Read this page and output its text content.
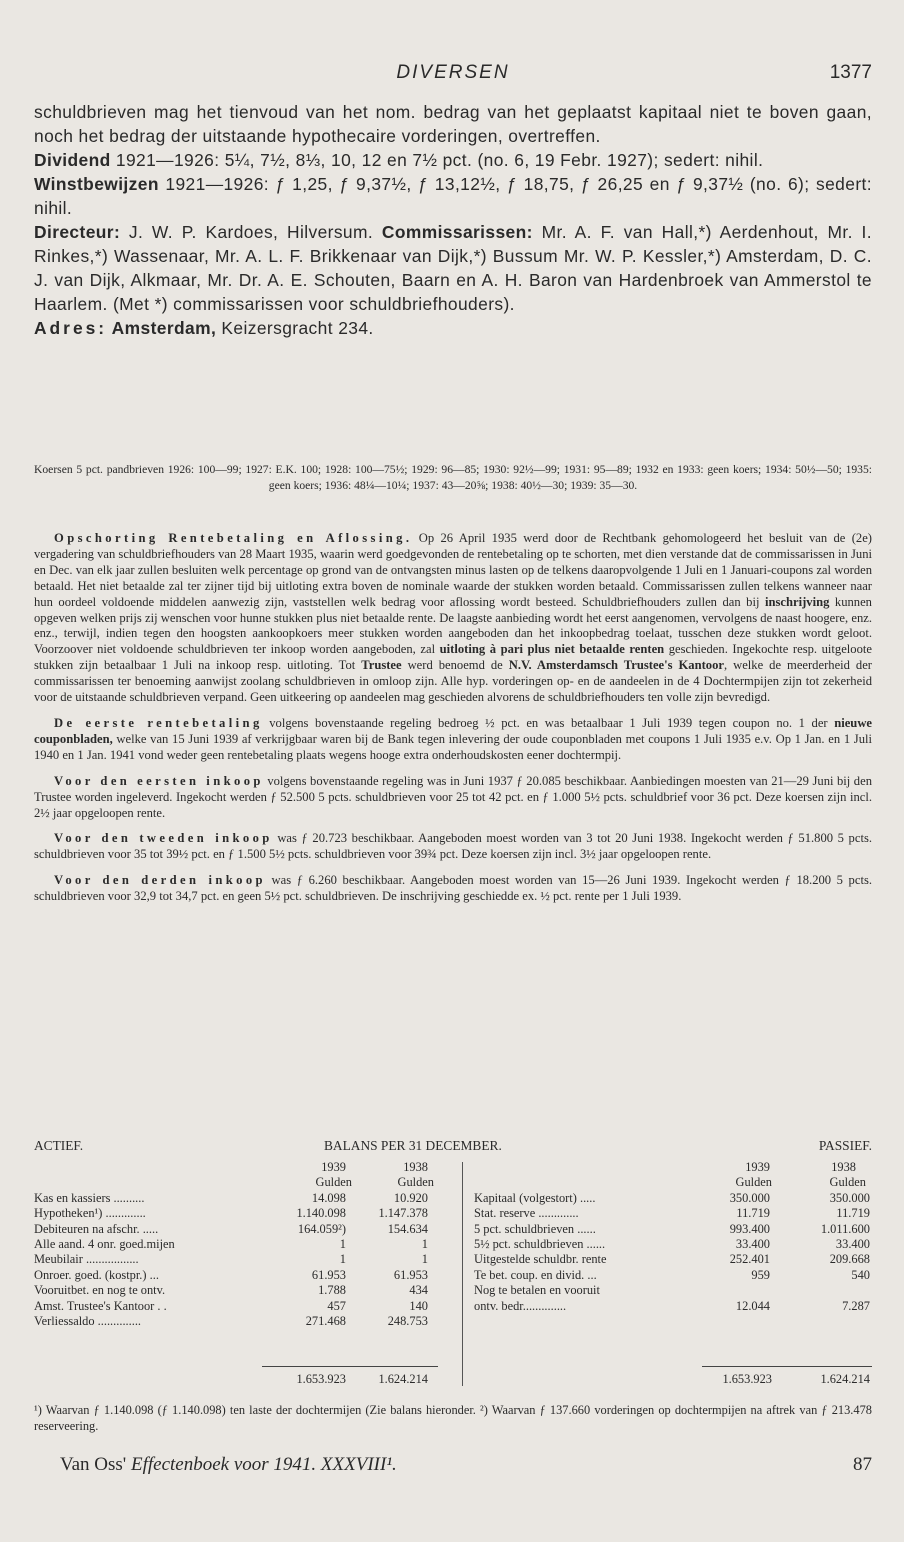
DIVERSEN	1377

schuldbrieven mag het tienvoud van het nom. bedrag van het geplaatst kapitaal niet te boven gaan, noch het bedrag der uitstaande hypothecaire vorderingen, overtreffen.

Dividend 1921—1926: 5¼, 7½, 8⅓, 10, 12 en 7½ pct. (no. 6, 19 Febr. 1927); sedert: nihil.

Winstbewijzen 1921—1926: ƒ 1,25, ƒ 9,37½, ƒ 13,12½, ƒ 18,75, ƒ 26,25 en ƒ 9,37½ (no. 6); sedert: nihil.

Directeur: J. W. P. Kardoes, Hilversum. Commissarissen: Mr. A. F. van Hall,*) Aerdenhout, Mr. I. Rinkes,*) Wassenaar, Mr. A. L. F. Brikkenaar van Dijk,*) Bussum Mr. W. P. Kessler,*) Amsterdam, D. C. J. van Dijk, Alkmaar, Mr. Dr. A. E. Schouten, Baarn en A. H. Baron van Hardenbroek van Ammerstol te Haarlem. (Met *) commissarissen voor schuldbriefhouders).

Adres: Amsterdam, Keizersgracht 234.

Koersen 5 pct. pandbrieven 1926: 100—99; 1927: E.K. 100; 1928: 100—75½; 1929: 96—85; 1930: 92½—99; 1931: 95—89; 1932 en 1933: geen koers; 1934: 50½—50; 1935: geen koers; 1936: 48¼—10¼; 1937: 43—20⅝; 1938: 40½—30; 1939: 35—30.

Opschorting Rentebetaling en Aflossing. Op 26 April 1935 werd door de Rechtbank gehomologeerd het besluit van de (2e) vergadering van schuldbriefhouders van 28 Maart 1935, waarin werd goedgevonden de rentebetaling op te schorten, met dien verstande dat de commissarissen in Juni en Dec. van elk jaar zullen besluiten welk percentage op grond van de ontvangsten minus lasten op de telkens daaropvolgende 1 Juli en 1 Januari-coupons zal worden betaald. Het niet betaalde zal ter zijner tijd bij uitloting extra boven de nominale waarde der stukken worden betaald. Commissarissen zullen telkens wanneer naar hun oordeel voldoende middelen aanwezig zijn, vaststellen welk bedrag voor aflossing wordt besteed. Schuldbriefhouders zullen dan bij inschrijving kunnen opgeven welken prijs zij wenschen voor hunne stukken plus niet betaalde rente. De laagste aanbieding wordt het eerst aangenomen, vervolgens de naast hoogere, enz. enz., terwijl, indien tegen den hoogsten aankoopkoers meer stukken worden aangeboden dan het inkoopbedrag toelaat, tusschen deze stukken wordt geloot. Voorzoover niet voldoende schuldbrieven ter inkoop worden aangeboden, zal uitloting à pari plus niet betaalde renten geschieden. Ingekochte resp. uitgeloote stukken zijn betaalbaar 1 Juli na inkoop resp. uitloting. Tot Trustee werd benoemd de N.V. Amsterdamsch Trustee's Kantoor, welke de meerderheid der commissarissen ter benoeming aanwijst zoolang schuldbrieven in omloop zijn. Alle hyp. vorderingen op- en de aandeelen in de 4 Dochtermpijen zijn tot zekerheid voor de uitstaande schuldbrieven verpand. Geen uitkeering op aandeelen mag geschieden alvorens de schuldbriefhouders ten volle zijn bevredigd.

De eerste rentebetaling volgens bovenstaande regeling bedroeg ½ pct. en was betaalbaar 1 Juli 1939 tegen coupon no. 1 der nieuwe couponbladen, welke van 15 Juni 1939 af verkrijgbaar waren bij de Bank tegen inlevering der oude couponbladen met coupons 1 Juli 1935 e.v. Op 1 Jan. en 1 Juli 1940 en 1 Jan. 1941 vond weder geen rentebetaling plaats wegens hooge extra onderhoudskosten eener dochtermpij.

Voor den eersten inkoop volgens bovenstaande regeling was in Juni 1937 ƒ 20.085 beschikbaar. Aanbiedingen moesten van 21—29 Juni bij den Trustee worden ingeleverd. Ingekocht werden ƒ 52.500 5 pcts. schuldbrieven voor 25 tot 42 pct. en ƒ 1.000 5½ pcts. schuldbrief voor 36 pct. Deze koersen zijn incl. 2½ jaar opgeloopen rente.

Voor den tweeden inkoop was ƒ 20.723 beschikbaar. Aangeboden moest worden van 3 tot 20 Juni 1938. Ingekocht werden ƒ 51.800 5 pcts. schuldbrieven voor 35 tot 39½ pct. en ƒ 1.500 5½ pcts. schuldbrieven voor 39¾ pct. Deze koersen zijn incl. 3½ jaar opgeloopen rente.

Voor den derden inkoop was ƒ 6.260 beschikbaar. Aangeboden moest worden van 15—26 Juni 1939. Ingekocht werden ƒ 18.200 5 pcts. schuldbrieven voor 32,9 tot 34,7 pct. en geen 5½ pct. schuldbrieven. De inschrijving geschiedde ex. ½ pct. rente per 1 Juli 1939.

ACTIEF.	BALANS PER 31 DECEMBER.	PASSIEF.
1939	1938
Gulden	Gulden
Kas en kassiers ..........	14.098	10.920
Hypotheken¹) .............	1.140.098	1.147.378
Debiteuren na afschr. .....	164.059²)	154.634
Alle aand. 4 onr. goed.mijen	1	1
Meubilair .................	1	1
Onroer. goed. (kostpr.) ...	61.953	61.953
Vooruitbet. en nog te ontv.	1.788	434
Amst. Trustee's Kantoor . .	457	140
Verliessaldo ..............	271.468	248.753
1939	1938
Gulden	Gulden
Kapitaal (volgestort) .....	350.000	350.000
Stat. reserve .............	11.719	11.719
5 pct. schuldbrieven ......	993.400	1.011.600
5½ pct. schuldbrieven ......	33.400	33.400
Uitgestelde schuldbr. rente	252.401	209.668
Te bet. coup. en divid. ...	959	540
Nog te betalen en vooruit
ontv. bedr..............	12.044	7.287
1.653.923	1.624.214	1.653.923	1.624.214
¹) Waarvan ƒ 1.140.098 (ƒ 1.140.098) ten laste der dochtermijen (Zie balans hieronder. ²) Waarvan ƒ 137.660 vorderingen op dochtermpijen na aftrek van ƒ 213.478 reserveering.
Van Oss' Effectenboek voor 1941. XXXVIII¹.	87
